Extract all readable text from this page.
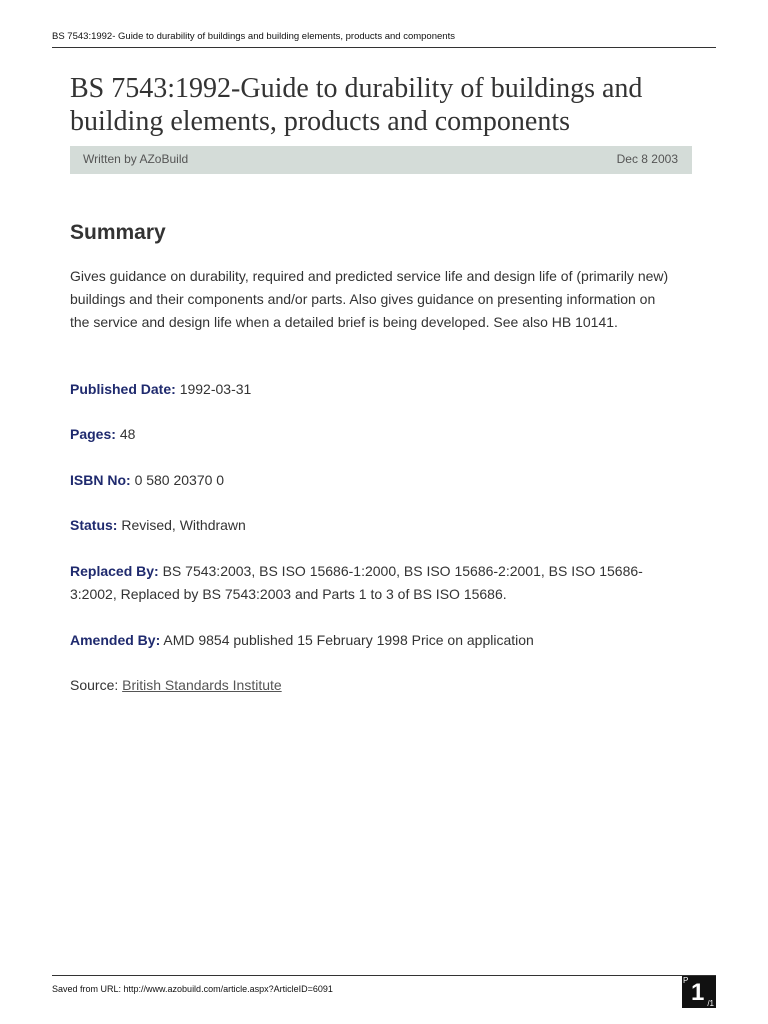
BS 7543:1992- Guide to durability of buildings and building elements, products and components
BS 7543:1992-Guide to durability of buildings and building elements, products and components
Written by AZoBuild	Dec 8 2003
Summary

Gives guidance on durability, required and predicted service life and design life of (primarily new) buildings and their components and/or parts. Also gives guidance on presenting information on the service and design life when a detailed brief is being developed. See also HB 10141.

Published Date: 1992-03-31

Pages: 48

ISBN No: 0 580 20370 0

Status: Revised, Withdrawn

Replaced By: BS 7543:2003, BS ISO 15686-1:2000, BS ISO 15686-2:2001, BS ISO 15686-3:2002, Replaced by BS 7543:2003 and Parts 1 to 3 of BS ISO 15686.

Amended By: AMD 9854 published 15 February 1998 Price on application

Source: British Standards Institute

Saved from URL: http://www.azobuild.com/article.aspx?ArticleID=6091
P 1 /1
